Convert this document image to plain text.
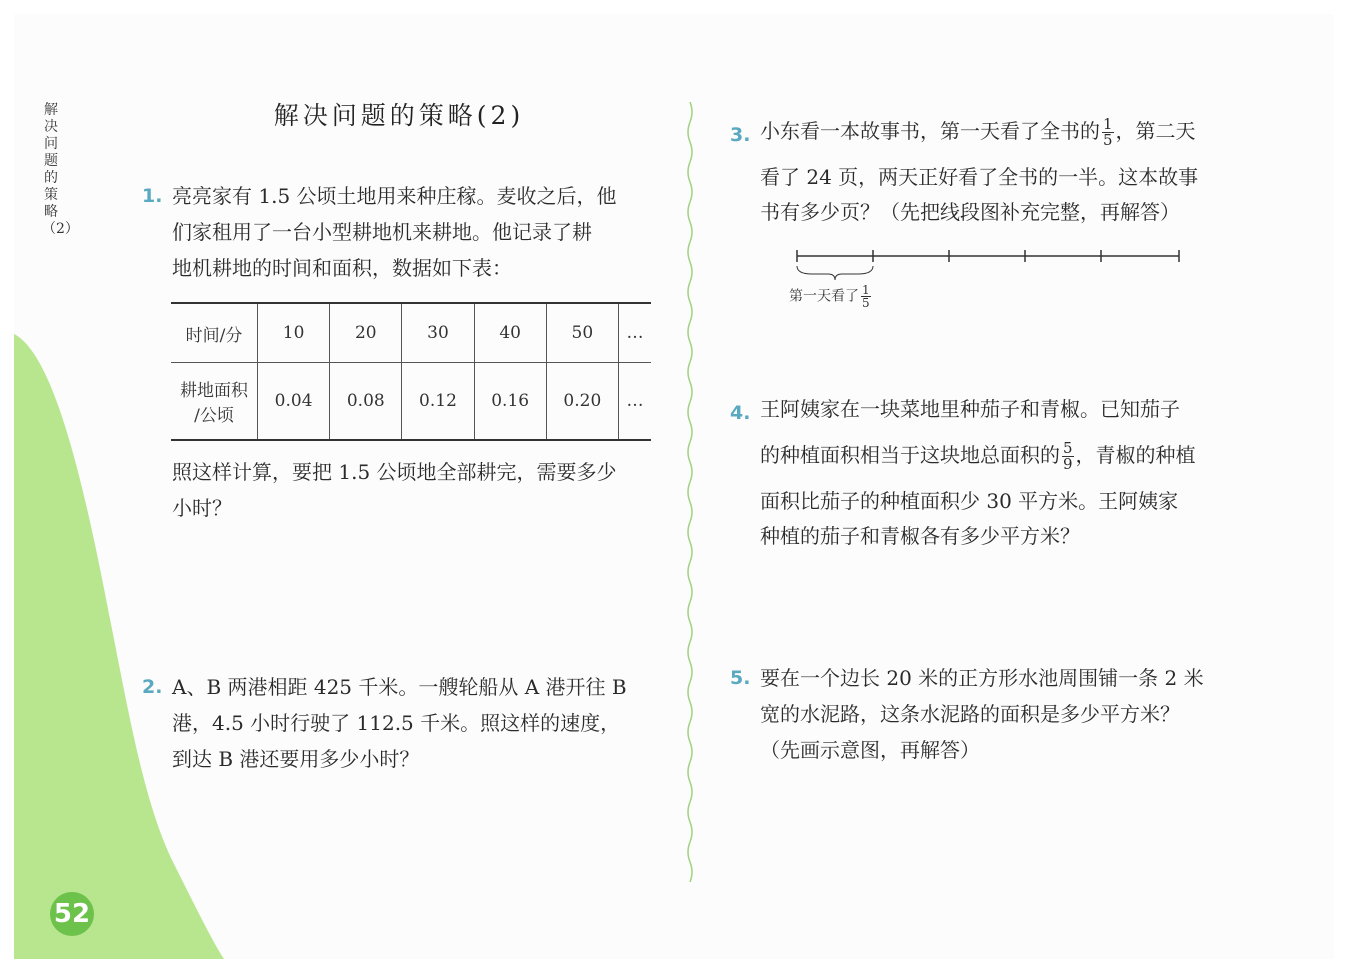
解决问题的策略（2）
52
解决问题的策略(2)
1. 亮亮家有 1.5 公顷土地用来种庄稼。麦收之后，他

们家租用了一台小型耕地机来耕地。他记录了耕

地机耕地的时间和面积，数据如下表：

时间/分	10	20	30	40	50	…
耕地面积
/公顷	0.04	0.08	0.12	0.16	0.20	…

照这样计算，要把 1.5 公顷地全部耕完，需要多少

小时？

2. A、B 两港相距 425 千米。一艘轮船从 A 港开往 B

港，4.5 小时行驶了 112.5 千米。照这样的速度，

到达 B 港还要用多少小时？

3. 小东看一本故事书，第一天看了全书的 $\frac{1}{5}$ ，第二天

看了 24 页，两天正好看了全书的一半。这本故事

书有多少页？（先把线段图补充完整，再解答）

第一天看了 $\frac{1}{5}$
4. 王阿姨家在一块菜地里种茄子和青椒。已知茄子

的种植面积相当于这块地总面积的 $\frac{5}{9}$ ，青椒的种植

面积比茄子的种植面积少 30 平方米。王阿姨家

种植的茄子和青椒各有多少平方米？

5. 要在一个边长 20 米的正方形水池周围铺一条 2 米

宽的水泥路，这条水泥路的面积是多少平方米？

（先画示意图，再解答）
